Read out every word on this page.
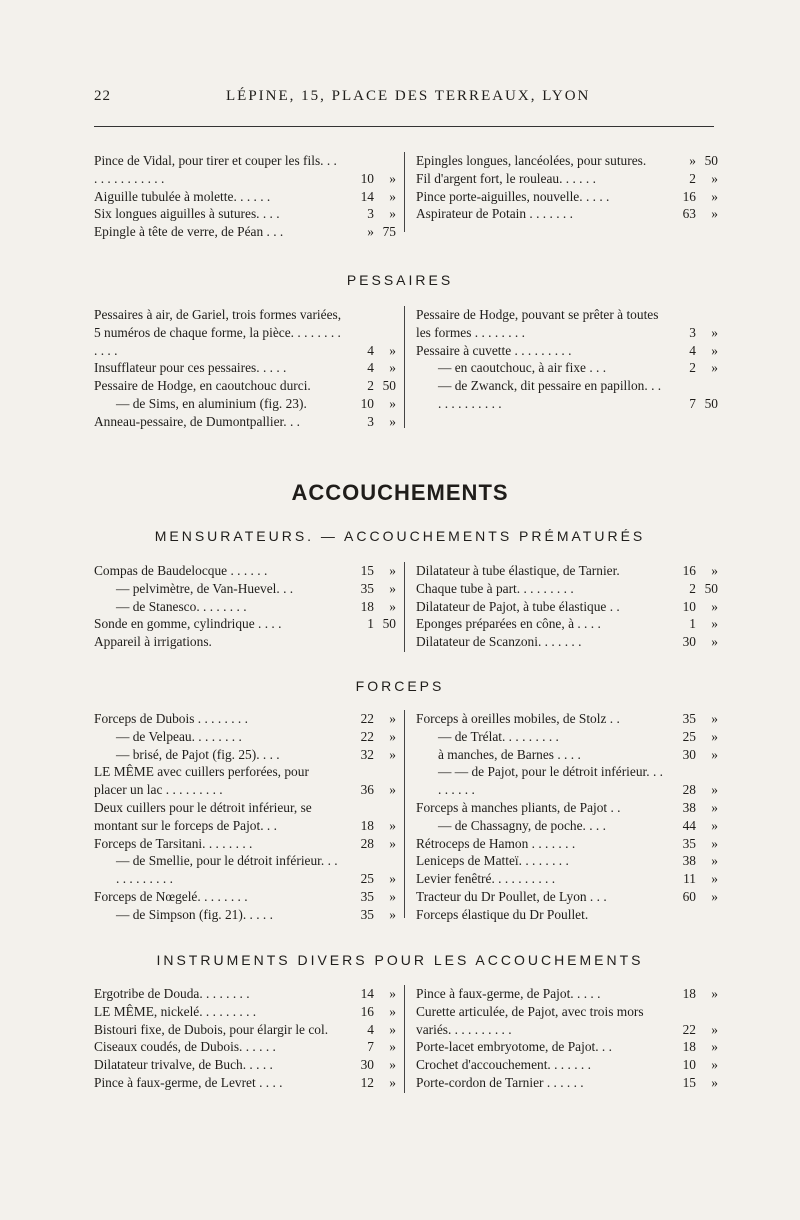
22	LÉPINE, 15, PLACE DES TERREAUX, LYON
Pince de Vidal, pour tirer et couper les fils. . . . . . . . . . . . . .	10	»
Aiguille tubulée à molette. . . . . .	14	»
Six longues aiguilles à sutures. . . .	3	»
Epingle à tête de verre, de Péan . . .	» 75
Epingles longues, lancéolées, pour sutures.	» 50
Fil d'argent fort, le rouleau. . . . . .	2	»
Pince porte-aiguilles, nouvelle. . . . .	16	»
Aspirateur de Potain . . . . . . .	63	»
PESSAIRES
Pessaires à air, de Gariel, trois formes variées, 5 numéros de chaque forme, la pièce. . . . . . . . . . . .	4	»
Insufflateur pour ces pessaires. . . . .	4	»
Pessaire de Hodge, en caoutchouc durci.	2 50
— de Sims, en aluminium (fig. 23).	10	»
Anneau-pessaire, de Dumontpallier. . .	3	»
Pessaire de Hodge, pouvant se prêter à toutes les formes . . . . . . . .	3	»
Pessaire à cuvette . . . . . . . . .	4	»
— en caoutchouc, à air fixe . . .	2	»
— de Zwanck, dit pessaire en papillon. . . . . . . . . . . . .	7 50
ACCOUCHEMENTS
MENSURATEURS. — ACCOUCHEMENTS PRÉMATURÉS
Compas de Baudelocque . . . . . .	15	»
— pelvimètre, de Van-Huevel. . .	35	»
— de Stanesco. . . . . . . .	18	»
Sonde en gomme, cylindrique . . . .	1 50
Appareil à irrigations.
Dilatateur à tube élastique, de Tarnier.	16	»
Chaque tube à part. . . . . . . . .	2 50
Dilatateur de Pajot, à tube élastique . .	10	»
Eponges préparées en cône, à . . . .	1	»
Dilatateur de Scanzoni. . . . . . .	30	»
FORCEPS
Forceps de Dubois . . . . . . . .	22	»
— de Velpeau. . . . . . . .	22	»
— brisé, de Pajot (fig. 25). . . .	32	»
LE MÊME avec cuillers perforées, pour placer un lac . . . . . . . . .	36	»
Deux cuillers pour le détroit inférieur, se montant sur le forceps de Pajot. . .	18	»
Forceps de Tarsitani. . . . . . . .	28	»
— de Smellie, pour le détroit inférieur. . . . . . . . . . . .	25	»
Forceps de Nœgelé. . . . . . . .	35	»
— de Simpson (fig. 21). . . . .	35	»
Forceps à oreilles mobiles, de Stolz . .	35	»
— de Trélat. . . . . . . . .	25	»
à manches, de Barnes . . . .	30	»
— — de Pajot, pour le détroit inférieur. . . . . . . . .	28	»
Forceps à manches pliants, de Pajot . .	38	»
— de Chassagny, de poche. . . .	44	»
Rétroceps de Hamon . . . . . . .	35	»
Leniceps de Matteï. . . . . . . .	38	»
Levier fenêtré. . . . . . . . . .	11	»
Tracteur du Dr Poullet, de Lyon . . .	60	»
Forceps élastique du Dr Poullet.
INSTRUMENTS DIVERS POUR LES ACCOUCHEMENTS
Ergotribe de Douda. . . . . . . .	14	»
LE MÊME, nickelé. . . . . . . . .	16	»
Bistouri fixe, de Dubois, pour élargir le col.	4	»
Ciseaux coudés, de Dubois. . . . . .	7	»
Dilatateur trivalve, de Buch. . . . .	30	»
Pince à faux-germe, de Levret . . . .	12	»
Pince à faux-germe, de Pajot. . . . .	18	»
Curette articulée, de Pajot, avec trois mors variés. . . . . . . . . .	22	»
Porte-lacet embryotome, de Pajot. . .	18	»
Crochet d'accouchement. . . . . . .	10	»
Porte-cordon de Tarnier . . . . . .	15	»
